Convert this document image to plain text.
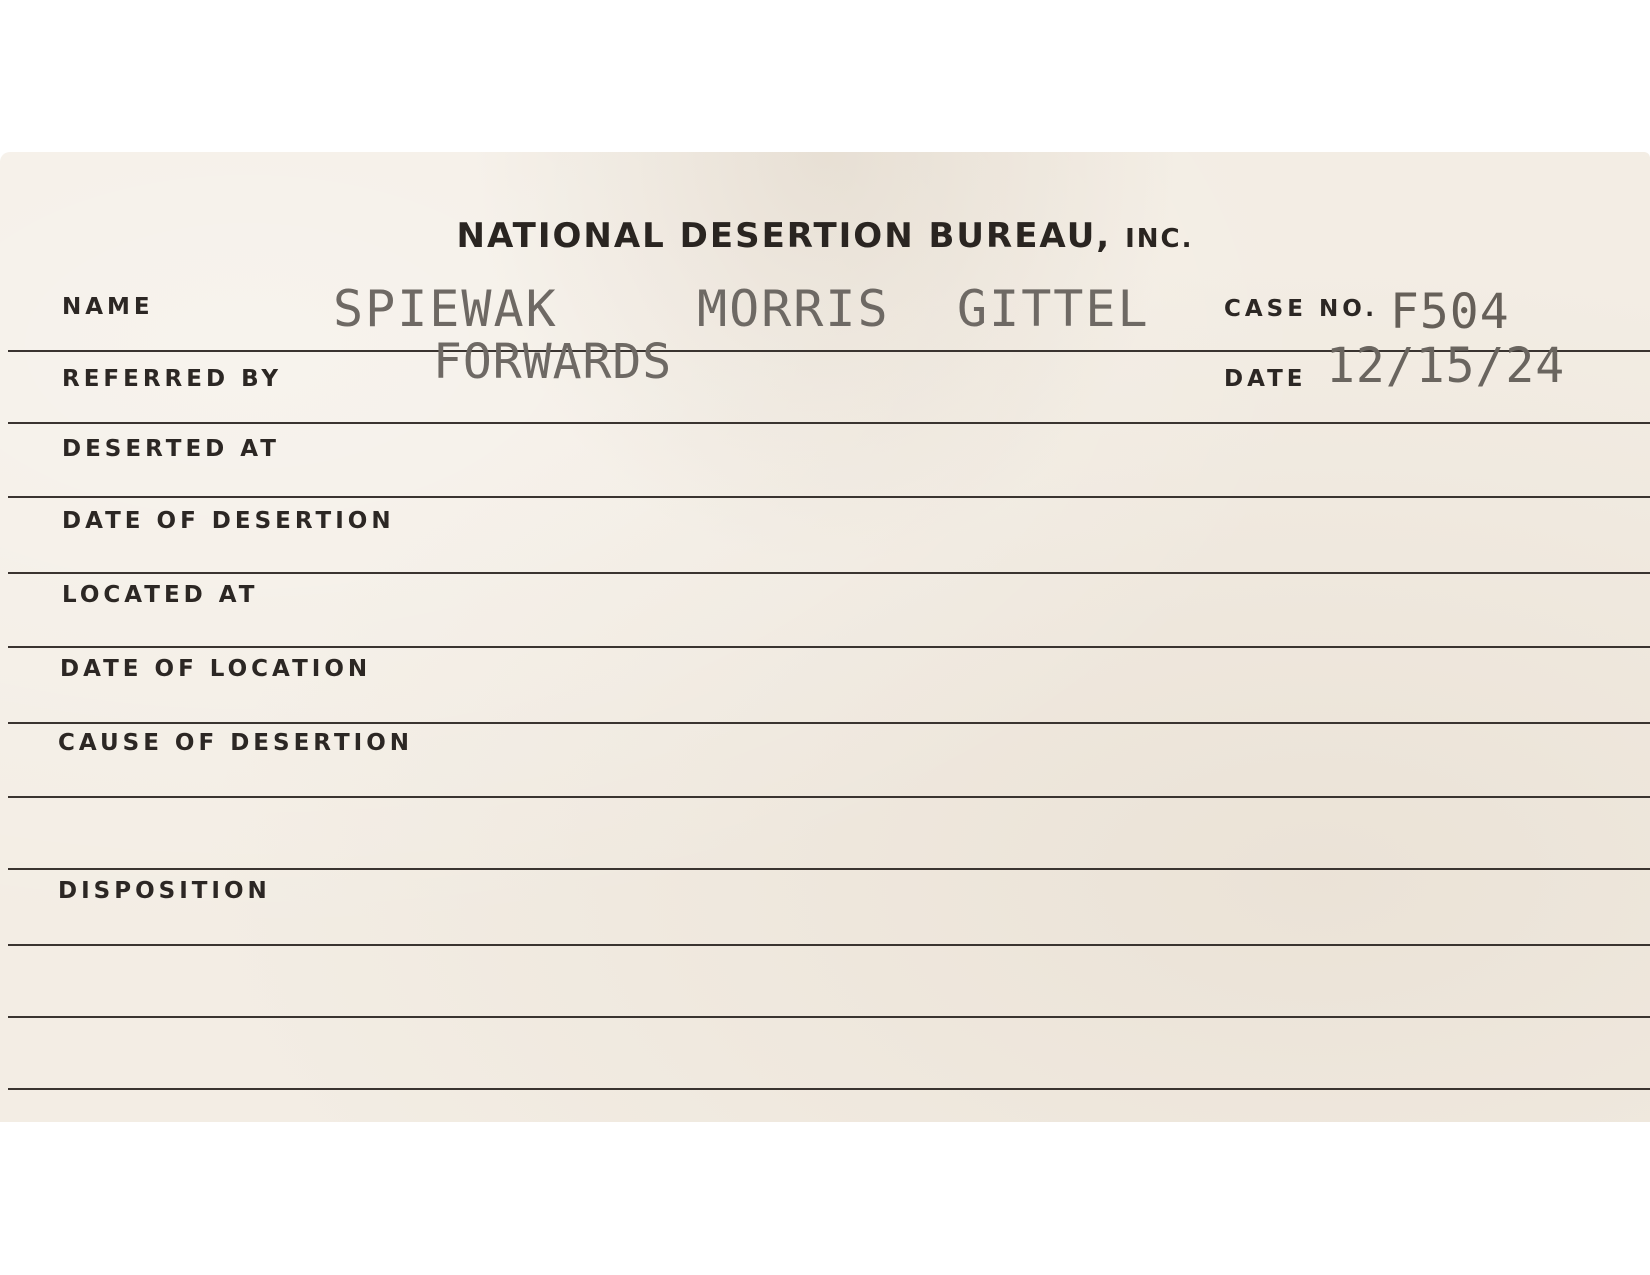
NATIONAL DESERTION BUREAU, INC.
NAME	SPIEWAK	MORRIS GITTEL	CASE NO. F504
REFERRED BY	FORWARDS	DATE 12/15/24
DESERTED AT
DATE OF DESERTION
LOCATED AT
DATE OF LOCATION
CAUSE OF DESERTION
DISPOSITION
